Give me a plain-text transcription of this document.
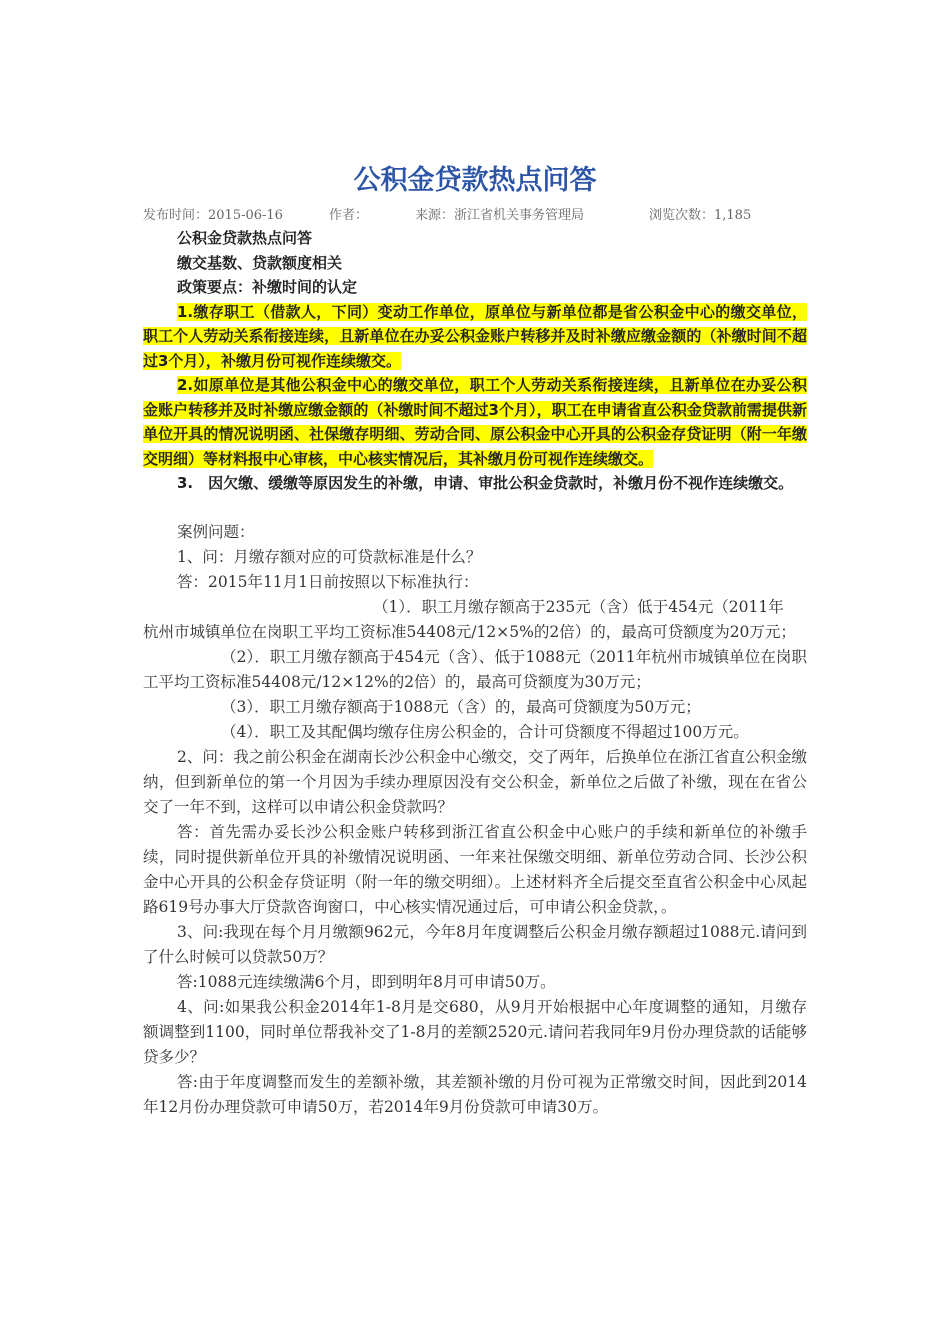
公积金贷款热点问答
发布时间：2015-06-16	作者：	来源：浙江省机关事务管理局	浏览次数：1,185

公积金贷款热点问答

缴交基数、贷款额度相关

政策要点：补缴时间的认定

1.缴存职工（借款人，下同）变动工作单位，原单位与新单位都是省公积金中心的缴交单位，职工个人劳动关系衔接连续，且新单位在办妥公积金账户转移并及时补缴应缴金额的（补缴时间不超过3个月），补缴月份可视作连续缴交。

2.如原单位是其他公积金中心的缴交单位，职工个人劳动关系衔接连续，且新单位在办妥公积金账户转移并及时补缴应缴金额的（补缴时间不超过3个月），职工在申请省直公积金贷款前需提供新单位开具的情况说明函、社保缴存明细、劳动合同、原公积金中心开具的公积金存贷证明（附一年缴交明细）等材料报中心审核，中心核实情况后，其补缴月份可视作连续缴交。

3.　因欠缴、缓缴等原因发生的补缴，申请、审批公积金贷款时，补缴月份不视作连续缴交。

案例问题：

1、问：月缴存额对应的可贷款标准是什么？

答：2015年11月1日前按照以下标准执行：

（1）．职工月缴存额高于235元（含）低于454元（2011年

杭州市城镇单位在岗职工平均工资标准54408元/12×5%的2倍）的，最高可贷额度为20万元；

（2）．职工月缴存额高于454元（含）、低于1088元（2011年杭州市城镇单位在岗职工平均工资标准54408元/12×12%的2倍）的，最高可贷额度为30万元；

（3）．职工月缴存额高于1088元（含）的，最高可贷额度为50万元；

（4）．职工及其配偶均缴存住房公积金的，合计可贷额度不得超过100万元。

2、问：我之前公积金在湖南长沙公积金中心缴交，交了两年，后换单位在浙江省直公积金缴纳，但到新单位的第一个月因为手续办理原因没有交公积金，新单位之后做了补缴，现在在省公交了一年不到，这样可以申请公积金贷款吗？

答：首先需办妥长沙公积金账户转移到浙江省直公积金中心账户的手续和新单位的补缴手续，同时提供新单位开具的补缴情况说明函、一年来社保缴交明细、新单位劳动合同、长沙公积金中心开具的公积金存贷证明（附一年的缴交明细）。上述材料齐全后提交至直省公积金中心凤起路619号办事大厅贷款咨询窗口，中心核实情况通过后，可申请公积金贷款，。

3、问:我现在每个月月缴额962元，今年8月年度调整后公积金月缴存额超过1088元.请问到了什么时候可以贷款50万？

答:1088元连续缴满6个月，即到明年8月可申请50万。

4、问:如果我公积金2014年1-8月是交680，从9月开始根据中心年度调整的通知，月缴存额调整到1100，同时单位帮我补交了1-8月的差额2520元.请问若我同年9月份办理贷款的话能够贷多少？

答:由于年度调整而发生的差额补缴，其差额补缴的月份可视为正常缴交时间，因此到2014年12月份办理贷款可申请50万，若2014年9月份贷款可申请30万。
